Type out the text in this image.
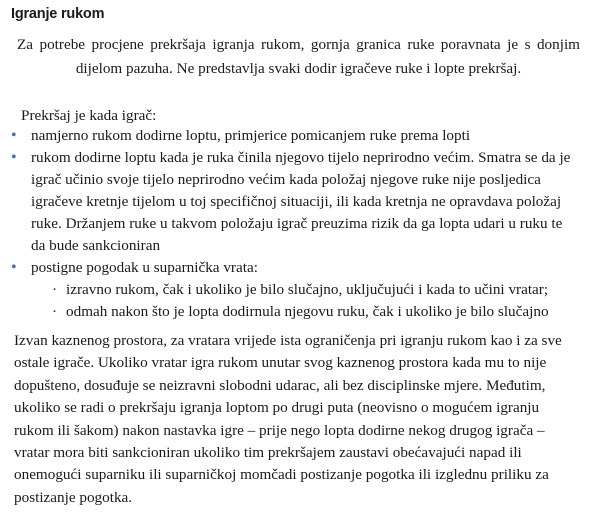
Igranje rukom
Za potrebe procjene prekršaja igranja rukom, gornja granica ruke poravnata je s donjim dijelom pazuha. Ne predstavlja svaki dodir igračeve ruke i lopte prekršaj.
Prekršaj je kada igrač:
• namjerno rukom dodirne loptu, primjerice pomicanjem ruke prema lopti
• rukom dodirne loptu kada je ruka činila njegovo tijelo neprirodno većim. Smatra se da je igrač učinio svoje tijelo neprirodno većim kada položaj njegove ruke nije posljedica igračeve kretnje tijelom u toj specifičnoj situaciji, ili kada kretnja ne opravdava položaj ruke. Držanjem ruke u takvom položaju igrač preuzima rizik da ga lopta udari u ruku te da bude sankcioniran
• postigne pogodak u suparnička vrata:
· izravno rukom, čak i ukoliko je bilo slučajno, uključujući i kada to učini vratar;
· odmah nakon što je lopta dodirnula njegovu ruku, čak i ukoliko je bilo slučajno
Izvan kaznenog prostora, za vratara vrijede ista ograničenja pri igranju rukom kao i za sve ostale igrače. Ukoliko vratar igra rukom unutar svog kaznenog prostora kada mu to nije dopušteno, dosuđuje se neizravni slobodni udarac, ali bez disciplinske mjere. Međutim, ukoliko se radi o prekršaju igranja loptom po drugi puta (neovisno o mogućem igranju rukom ili šakom) nakon nastavka igre – prije nego lopta dodirne nekog drugog igrača – vratar mora biti sankcioniran ukoliko tim prekršajem zaustavi obećavajući napad ili onemogući suparniku ili suparničkoj momčadi postizanje pogotka ili izglednu priliku za postizanje pogotka.
